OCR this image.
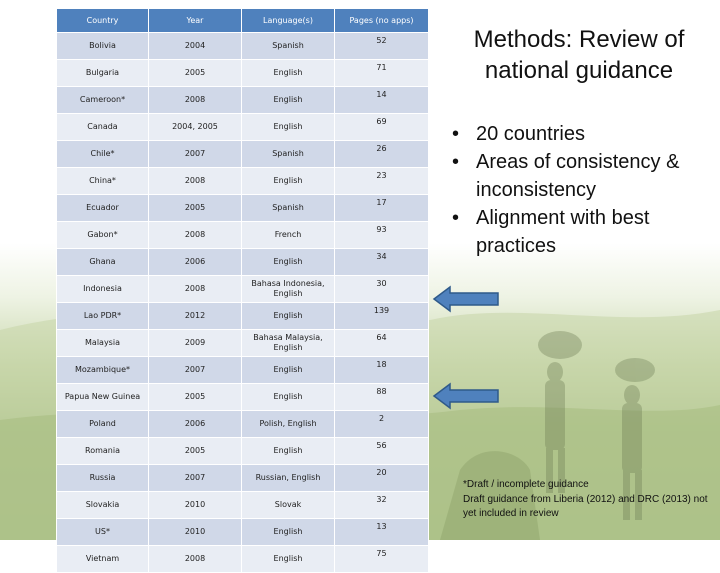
Country	Year	Language(s)	Pages (no apps)
Bolivia	2004	Spanish	52
Bulgaria	2005	English	71
Cameroon*	2008	English	14
Canada	2004, 2005	English	69
Chile*	2007	Spanish	26
China*	2008	English	23
Ecuador	2005	Spanish	17
Gabon*	2008	French	93
Ghana	2006	English	34
Indonesia	2008	Bahasa Indonesia, English	30
Lao PDR*	2012	English	139
Malaysia	2009	Bahasa Malaysia, English	64
Mozambique*	2007	English	18
Papua New Guinea	2005	English	88
Poland	2006	Polish, English	2
Romania	2005	English	56
Russia	2007	Russian, English	20
Slovakia	2010	Slovak	32
US*	2010	English	13
Vietnam	2008	English	75
Methods: Review of national guidance
• 20 countries
• Areas of consistency & inconsistency
• Alignment with best practices
*Draft / incomplete guidance
Draft guidance from Liberia (2012) and DRC (2013) not yet included in review
